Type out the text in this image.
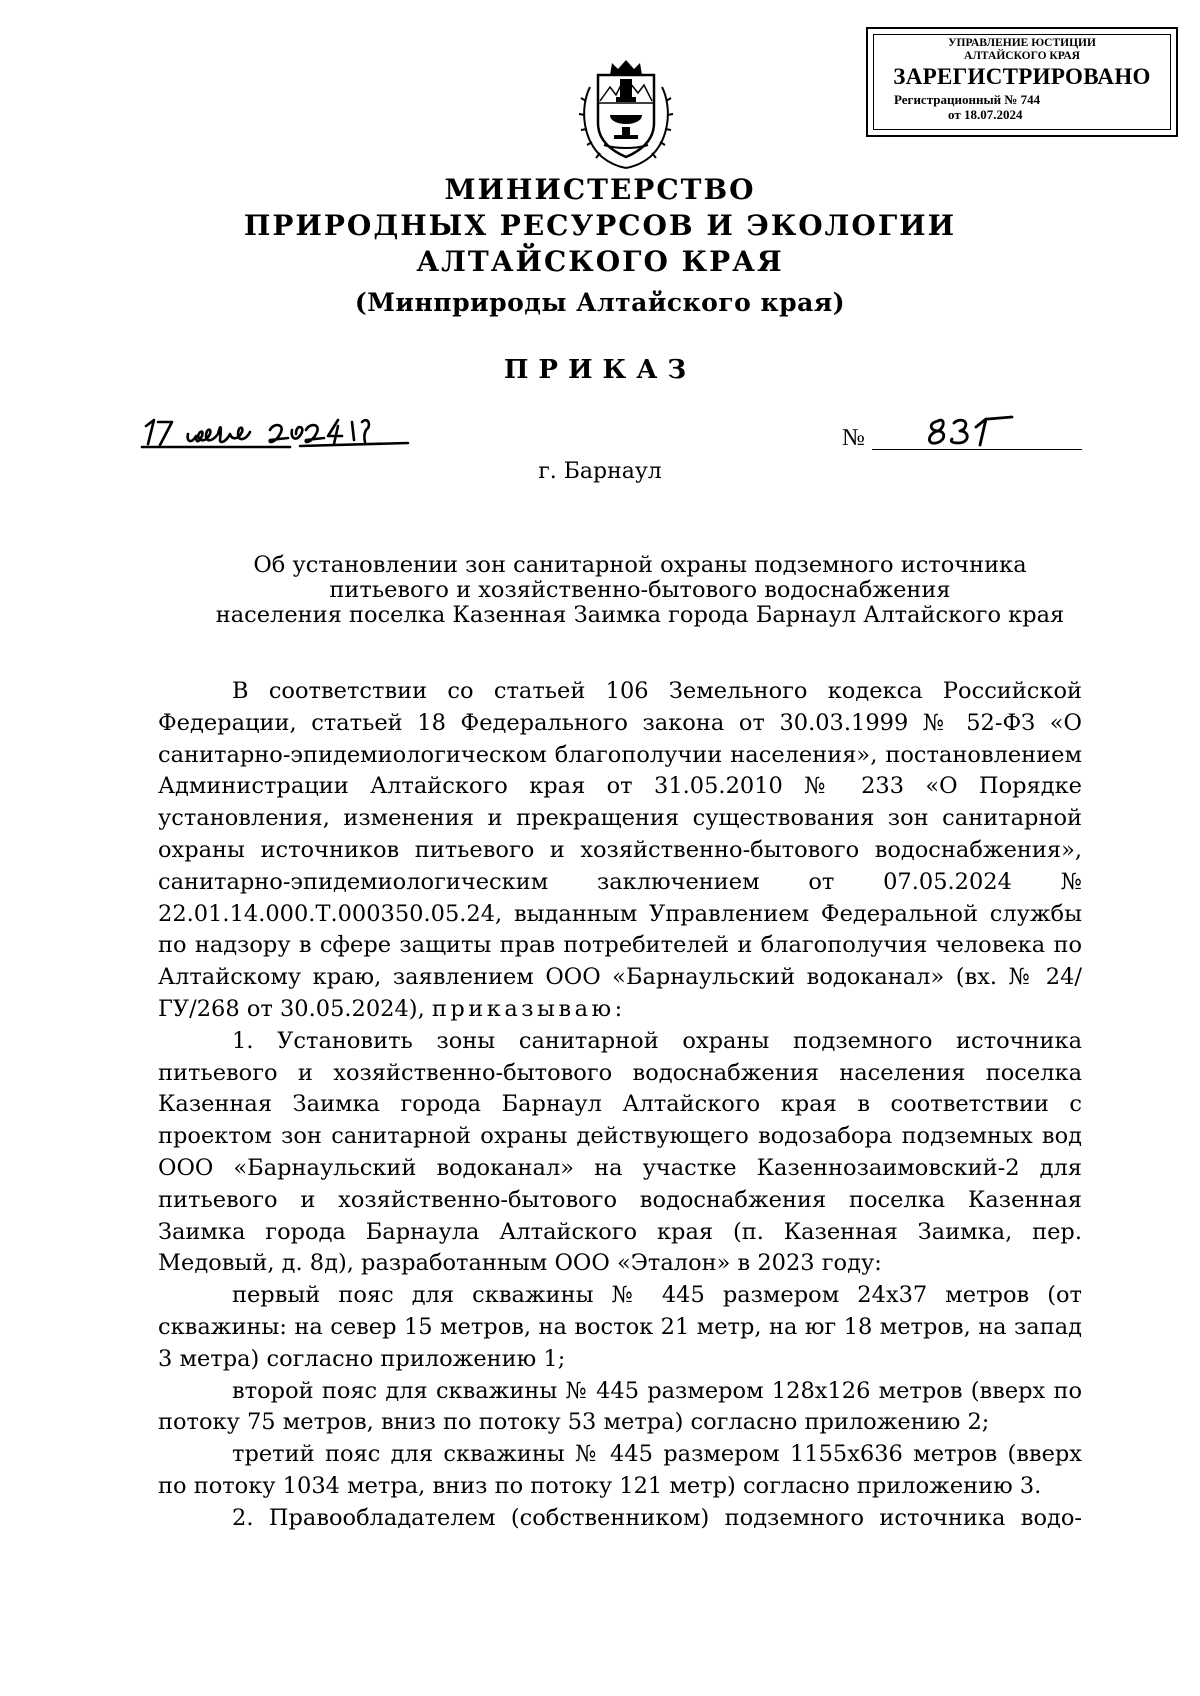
УПРАВЛЕНИЕ ЮСТИЦИИ
АЛТАЙСКОГО КРАЯ
ЗАРЕГИСТРИРОВАНО
Регистрационный № 744
от 18.07.2024
МИНИСТЕРСТВО
ПРИРОДНЫХ РЕСУРСОВ И ЭКОЛОГИИ
АЛТАЙСКОГО КРАЯ
(Минприроды Алтайского края)
ПРИКАЗ
№
г. Барнаул
Об установлении зон санитарной охраны подземного источника
питьевого и хозяйственно-бытового водоснабжения
населения поселка Казенная Заимка города Барнаул Алтайского края

В соответствии со статьей 106 Земельного кодекса Российской Федерации, статьей 18 Федерального закона от 30.03.1999 № 52-ФЗ «О санитарно-эпидемиологическом благополучии населения», постановлением Администрации Алтайского края от 31.05.2010 № 233 «О Порядке установления, изменения и прекращения существования зон санитарной охраны источников питьевого и хозяйственно-бытового водоснабжения», санитарно-эпидемиологическим заключением от 07.05.2024 № 22.01.14.000.Т.000350.05.24, выданным Управлением Федеральной службы по надзору в сфере защиты прав потребителей и благополучия человека по Алтайскому краю, заявлением ООО «Барнаульский водоканал» (вх. № 24/ГУ/268 от 30.05.2024), приказываю:

1. Установить зоны санитарной охраны подземного источника питьевого и хозяйственно-бытового водоснабжения населения поселка Казенная Заимка города Барнаул Алтайского края в соответствии с проектом зон санитарной охраны действующего водозабора подземных вод ООО «Барнаульский водоканал» на участке Казеннозаимовский-2 для питьевого и хозяйственно-бытового водоснабжения поселка Казенная Заимка города Барнаула Алтайского края (п. Казенная Заимка, пер. Медовый, д. 8д), разработанным ООО «Эталон» в 2023 году:

первый пояс для скважины № 445 размером 24х37 метров (от скважины: на север 15 метров, на восток 21 метр, на юг 18 метров, на запад 3 метра) согласно приложению 1;

второй пояс для скважины № 445 размером 128х126 метров (вверх по потоку 75 метров, вниз по потоку 53 метра) согласно приложению 2;

третий пояс для скважины № 445 размером 1155х636 метров (вверх по потоку 1034 метра, вниз по потоку 121 метр) согласно приложению 3.

2. Правообладателем (собственником) подземного источника водо-
